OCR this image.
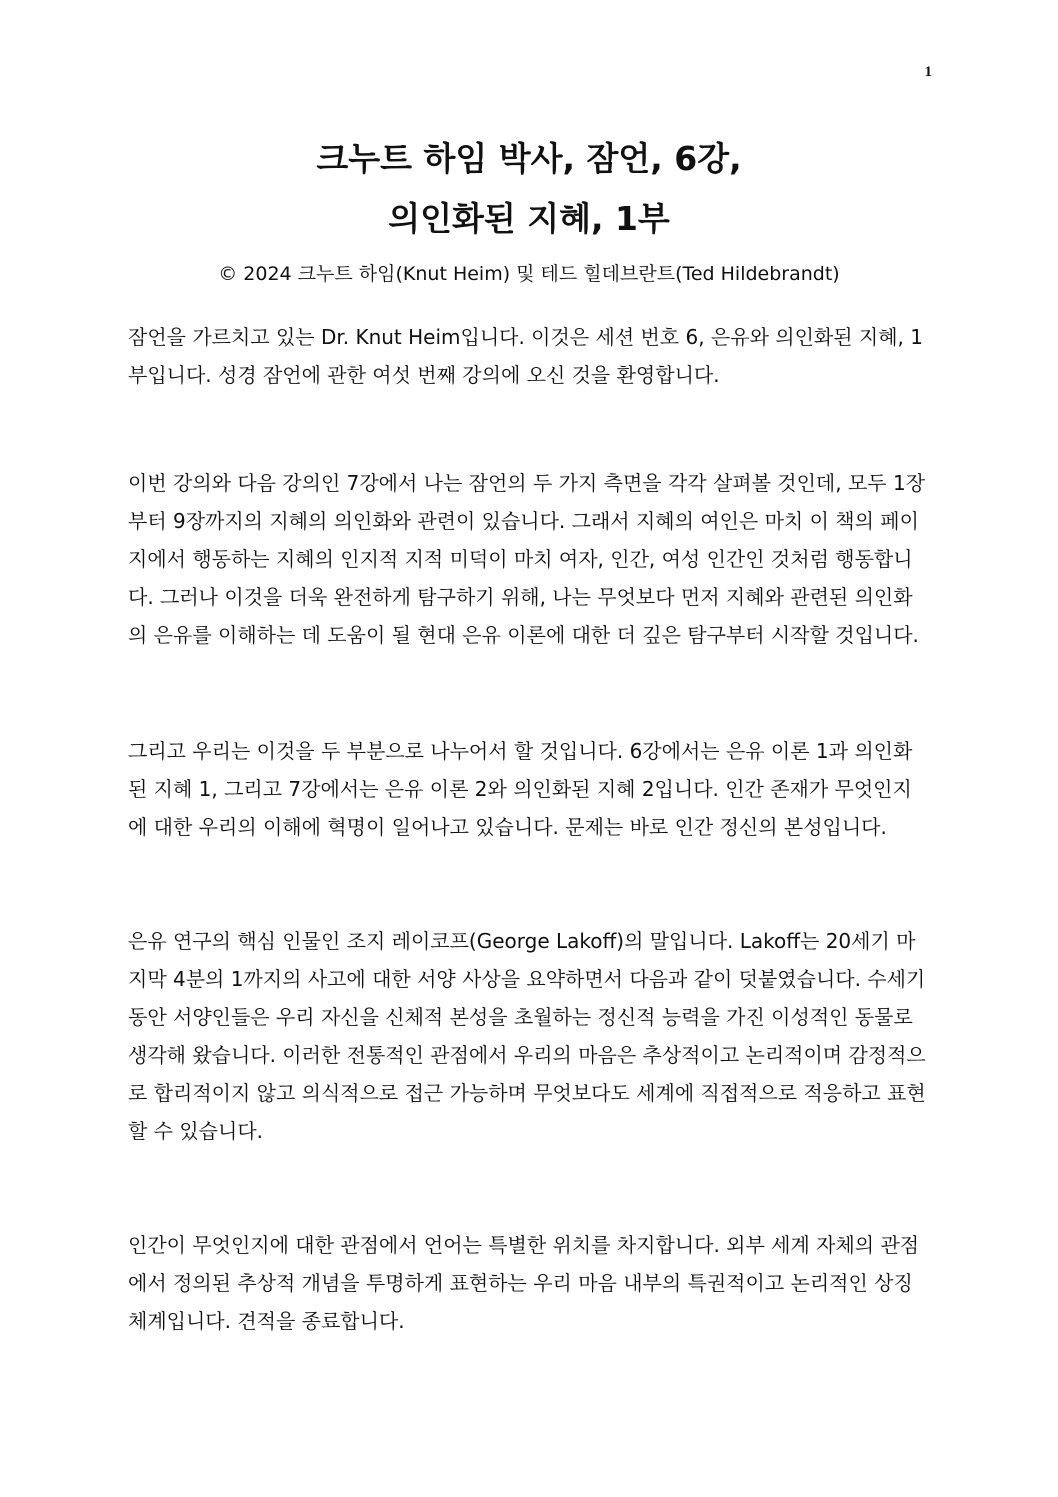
1
크누트 하임 박사, 잠언, 6강,
의인화된 지혜, 1부
© 2024 크누트 하임(Knut Heim) 및 테드 힐데브란트(Ted Hildebrandt)

잠언을 가르치고 있는 Dr. Knut Heim입니다. 이것은 세션 번호 6, 은유와 의인화된 지혜, 1부입니다. 성경 잠언에 관한 여섯 번째 강의에 오신 것을 환영합니다.

이번 강의와 다음 강의인 7강에서 나는 잠언의 두 가지 측면을 각각 살펴볼 것인데, 모두 1장부터 9장까지의 지혜의 의인화와 관련이 있습니다. 그래서 지혜의 여인은 마치 이 책의 페이지에서 행동하는 지혜의 인지적 지적 미덕이 마치 여자, 인간, 여성 인간인 것처럼 행동합니다. 그러나 이것을 더욱 완전하게 탐구하기 위해, 나는 무엇보다 먼저 지혜와 관련된 의인화의 은유를 이해하는 데 도움이 될 현대 은유 이론에 대한 더 깊은 탐구부터 시작할 것입니다.

그리고 우리는 이것을 두 부분으로 나누어서 할 것입니다. 6강에서는 은유 이론 1과 의인화된 지혜 1, 그리고 7강에서는 은유 이론 2와 의인화된 지혜 2입니다. 인간 존재가 무엇인지에 대한 우리의 이해에 혁명이 일어나고 있습니다. 문제는 바로 인간 정신의 본성입니다.

은유 연구의 핵심 인물인 조지 레이코프(George Lakoff)의 말입니다. Lakoff는 20세기 마지막 4분의 1까지의 사고에 대한 서양 사상을 요약하면서 다음과 같이 덧붙였습니다. 수세기 동안 서양인들은 우리 자신을 신체적 본성을 초월하는 정신적 능력을 가진 이성적인 동물로 생각해 왔습니다. 이러한 전통적인 관점에서 우리의 마음은 추상적이고 논리적이며 감정적으로 합리적이지 않고 의식적으로 접근 가능하며 무엇보다도 세계에 직접적으로 적응하고 표현할 수 있습니다.

인간이 무엇인지에 대한 관점에서 언어는 특별한 위치를 차지합니다. 외부 세계 자체의 관점에서 정의된 추상적 개념을 투명하게 표현하는 우리 마음 내부의 특권적이고 논리적인 상징 체계입니다. 견적을 종료합니다.
